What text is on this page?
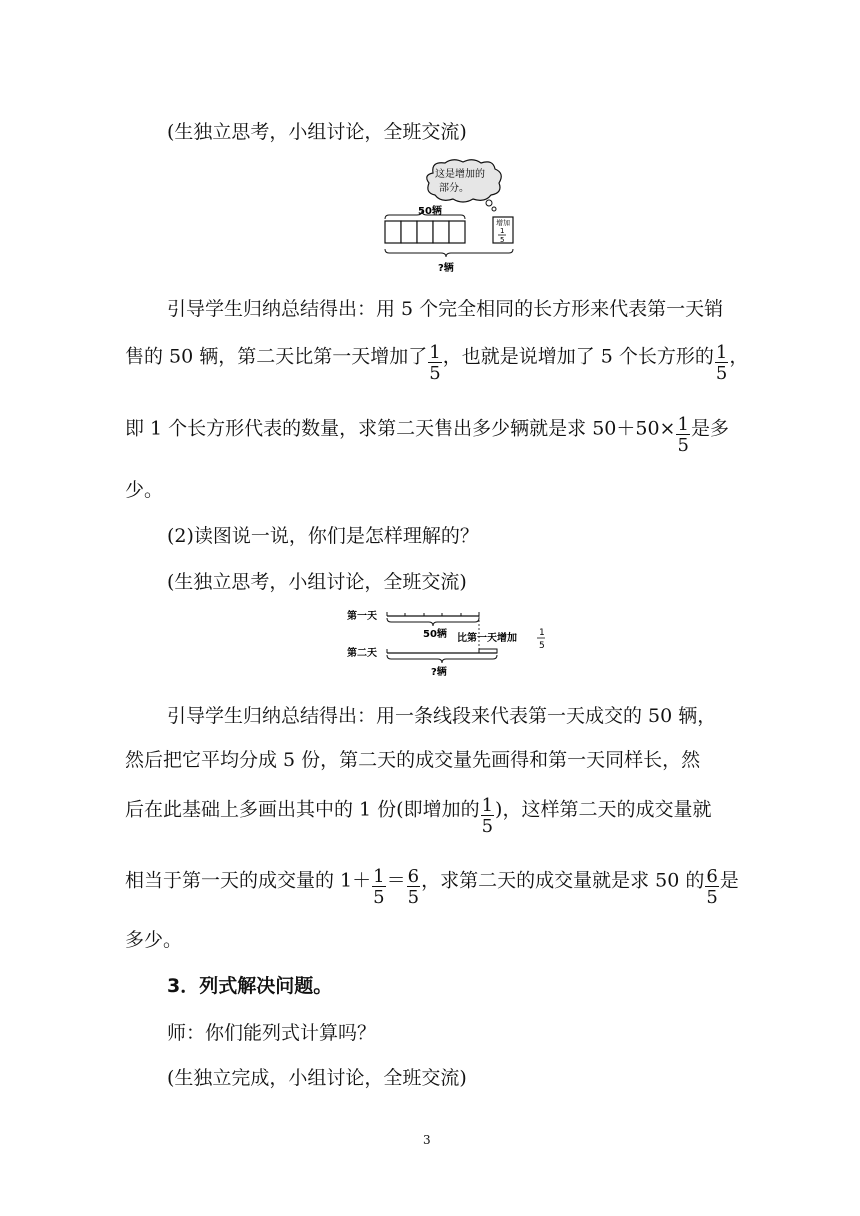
(生独立思考，小组讨论，全班交流)
这是增加的
部分。
50辆
增加
1
5
?辆
引导学生归纳总结得出：用 5 个完全相同的长方形来代表第一天销
售的 50 辆，第二天比第一天增加了 $\frac{1}{5}$ ，也就是说增加了 5 个长方形的 $\frac{1}{5}$ ，
即 1 个长方形代表的数量，求第二天售出多少辆就是求 $50+50\times \frac{1}{5}$ 是多
少。
(2)读图说一说，你们是怎样理解的？
(生独立思考，小组讨论，全班交流)
第一天
50辆 比第一天增加 1
5
第二天
?辆
引导学生归纳总结得出：用一条线段来代表第一天成交的 50 辆，
然后把它平均分成 5 份，第二天的成交量先画得和第一天同样长，然
后在此基础上多画出其中的 1 份(即增加的 $\frac{1}{5}$ )，这样第二天的成交量就
相当于第一天的成交量的 $1+ \frac{1}{5} = \frac{6}{5}$ ，求第二天的成交量就是求 50 的 $\frac{6}{5}$ 是
多少。
3．列式解决问题。
师：你们能列式计算吗？
(生独立完成，小组讨论，全班交流)
3
